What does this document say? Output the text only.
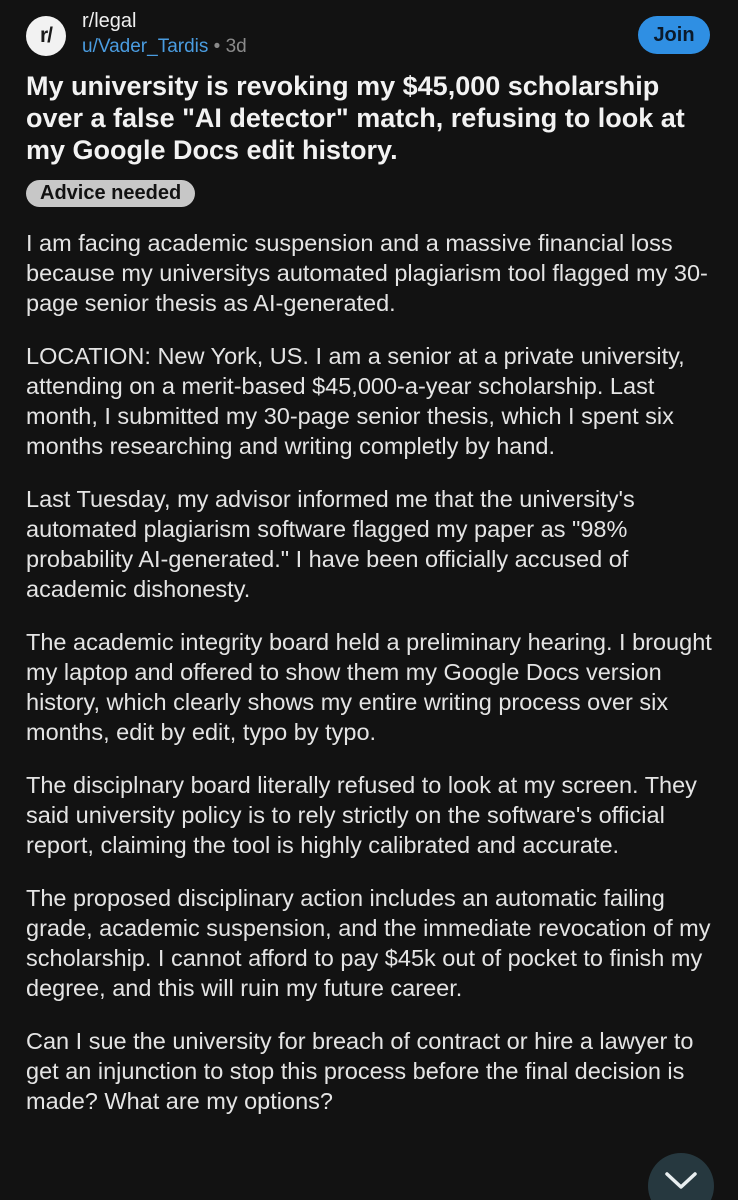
r/
r/legal
u/Vader_Tardis • 3d
Join
My university is revoking my $45,000 scholarship over a false "AI detector" match, refusing to look at my Google Docs edit history.
Advice needed

I am facing academic suspension and a massive financial loss because my universitys automated plagiarism tool flagged my 30-page senior thesis as AI-generated.

LOCATION: New York, US. I am a senior at a private university, attending on a merit-based $45,000-a-year scholarship. Last month, I submitted my 30-page senior thesis, which I spent six months researching and writing completly by hand.

Last Tuesday, my advisor informed me that the university's automated plagiarism software flagged my paper as "98% probability AI-generated." I have been officially accused of academic dishonesty.

The academic integrity board held a preliminary hearing. I brought my laptop and offered to show them my Google Docs version history, which clearly shows my entire writing process over six months, edit by edit, typo by typo.

The disciplnary board literally refused to look at my screen. They said university policy is to rely strictly on the software's official report, claiming the tool is highly calibrated and accurate.

The proposed disciplinary action includes an automatic failing grade, academic suspension, and the immediate revocation of my scholarship. I cannot afford to pay $45k out of pocket to finish my degree, and this will ruin my future career.

Can I sue the university for breach of contract or hire a lawyer to get an injunction to stop this process before the final decision is made? What are my options?
